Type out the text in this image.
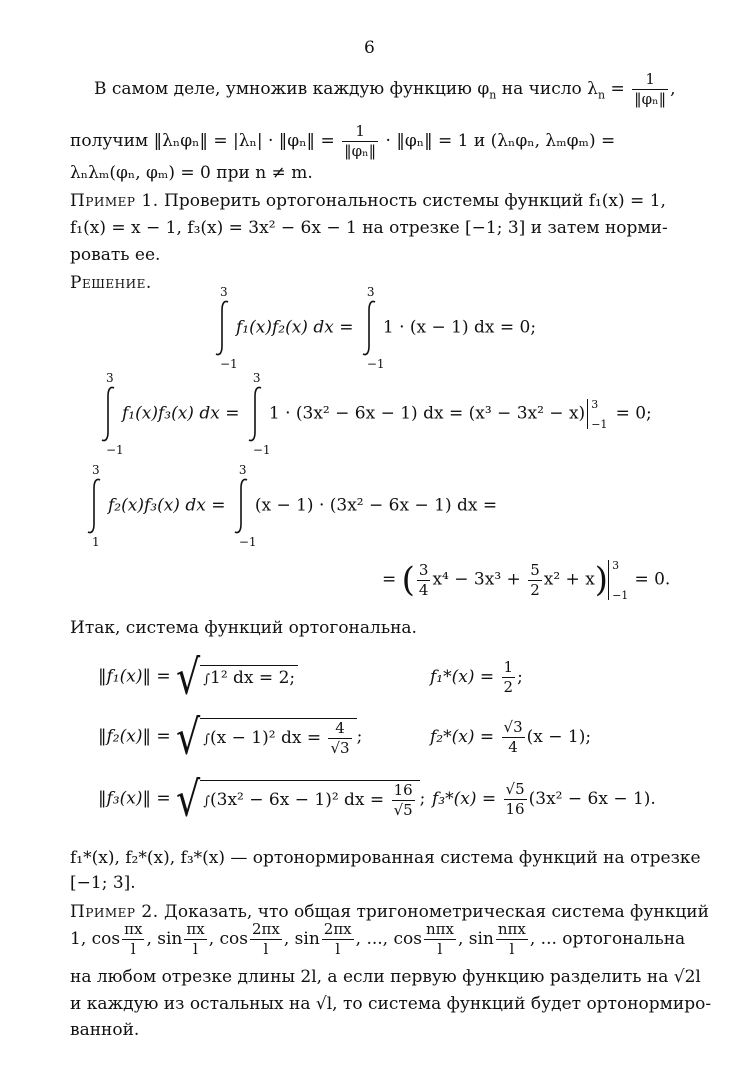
6
В самом деле, умножив каждую функцию $\varphi_n$ на число $\lambda_n = \frac{1}{\text{‖φₙ‖}}$ ,
получим ‖λₙφₙ‖ = |λₙ| · ‖φₙ‖ = $\frac{1}{\text{‖φₙ‖}}$ · ‖φₙ‖ = 1 и (λₙφₙ, λₘφₘ) =
λₙλₘ(φₙ, φₘ) = 0 при n ≠ m.
Пример 1. Проверить ортогональность системы функций f₁(x) = 1,
f₁(x) = x − 1, f₃(x) = 3x² − 6x − 1 на отрезке [−1; 3] и затем норми-
ровать ее.
Решение.	3
−1
f₁(x)f₂(x) dx =
3
−1
1 · (x − 1) dx = 0;
3
−1
f₁(x)f₃(x) dx =
3
−1
1 · (3x² − 6x − 1) dx = (x³ − 3x² − x) 3
−1
= 0;
3
1
f₂(x)f₃(x) dx =
3
−1
(x − 1) · (3x² − 6x − 1) dx =
= ( $\frac{3}{4} x^4 - 3x^3 + \frac{5}{2} x^2 + x$) 3
−1
= 0.
Итак, система функций ортогональна.
‖f₁(x)‖ = √ ∫1² dx = 2;	$f_1*(x) = \frac{1}{2}$ ;
‖f₂(x)‖ = √ ∫(x − 1)² dx = $\frac{4}{√3}$ ;	$f_2*(x) = \frac{√3}{4} (x - 1)$;
‖f₃(x)‖ = √ ∫(3x² − 6x − 1)² dx = $\frac{16}{√5}$ ; $f_3*(x) = \frac{√5}{16} (3x^2 - 6x - 1)$.
f₁*(x), f₂*(x), f₃*(x) — ортонормированная система функций на отрезке
[−1; 3].
Пример 2. Доказать, что общая тригонометрическая система функций
1, $\cos \frac{\pi x}{l}$ , $\sin \frac{\pi x}{l}$ , $\cos \frac{2\pi x}{l}$ , $\sin \frac{2\pi x}{l}$ , ..., $\cos \frac{\text{nπx}}{l}$ , $\sin \frac{\text{nπx}}{l}$ , ... ортогональна
на любом отрезке длины 2l, а если первую функцию разделить на √2l
и каждую из остальных на √l, то система функций будет ортонормиро-
ванной.
